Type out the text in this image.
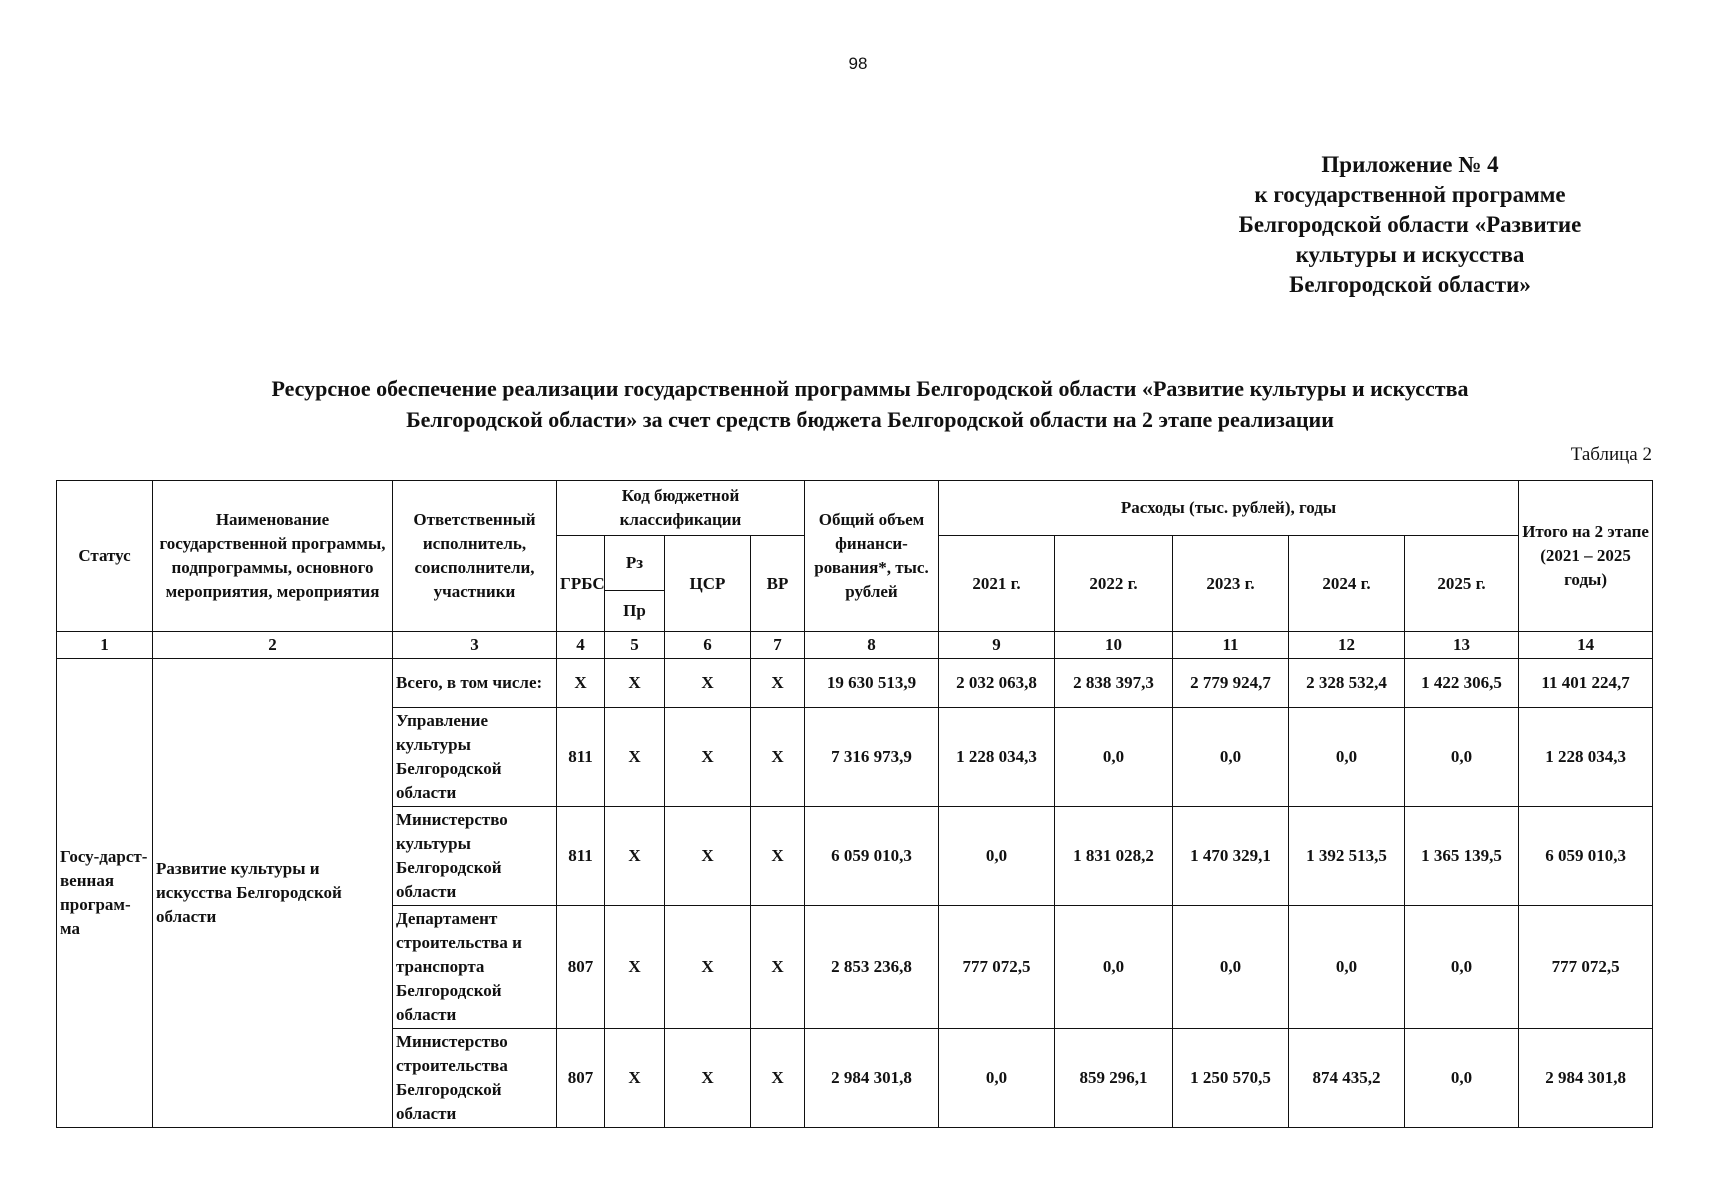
98
Приложение № 4
к государственной программе
Белгородской области «Развитие
культуры и искусства
Белгородской области»
Ресурсное обеспечение реализации государственной программы Белгородской области «Развитие культуры и искусства
Белгородской области» за счет средств бюджета Белгородской области на 2 этапе реализации
Таблица 2
Статус	Наименование государственной программы, подпрограммы, основного мероприятия, мероприятия	Ответственный исполнитель, соисполнители, участники	Код бюджетной классификации				Общий объем финанси-рования*, тыс. рублей	Расходы (тыс. рублей), годы					Итого на 2 этапе (2021 – 2025 годы)
			ГРБС	Рз	ЦСР	ВР		2021 г.	2022 г.	2023 г.	2024 г.	2025 г.	
				Пр									
1	2	3	4	5	6	7	8	9	10	11	12	13	14
Госу-дарст-венная програм-ма	Развитие культуры и искусства Белгородской области	Всего, в том числе:	X	X	X	X	19 630 513,9	2 032 063,8	2 838 397,3	2 779 924,7	2 328 532,4	1 422 306,5	11 401 224,7
		Управление культуры Белгородской области	811	X	X	X	7 316 973,9	1 228 034,3	0,0	0,0	0,0	0,0	1 228 034,3
		Министерство культуры Белгородской области	811	X	X	X	6 059 010,3	0,0	1 831 028,2	1 470 329,1	1 392 513,5	1 365 139,5	6 059 010,3
		Департамент строительства и транспорта Белгородской области	807	X	X	X	2 853 236,8	777 072,5	0,0	0,0	0,0	0,0	777 072,5
		Министерство строительства Белгородской области	807	X	X	X	2 984 301,8	0,0	859 296,1	1 250 570,5	874 435,2	0,0	2 984 301,8
